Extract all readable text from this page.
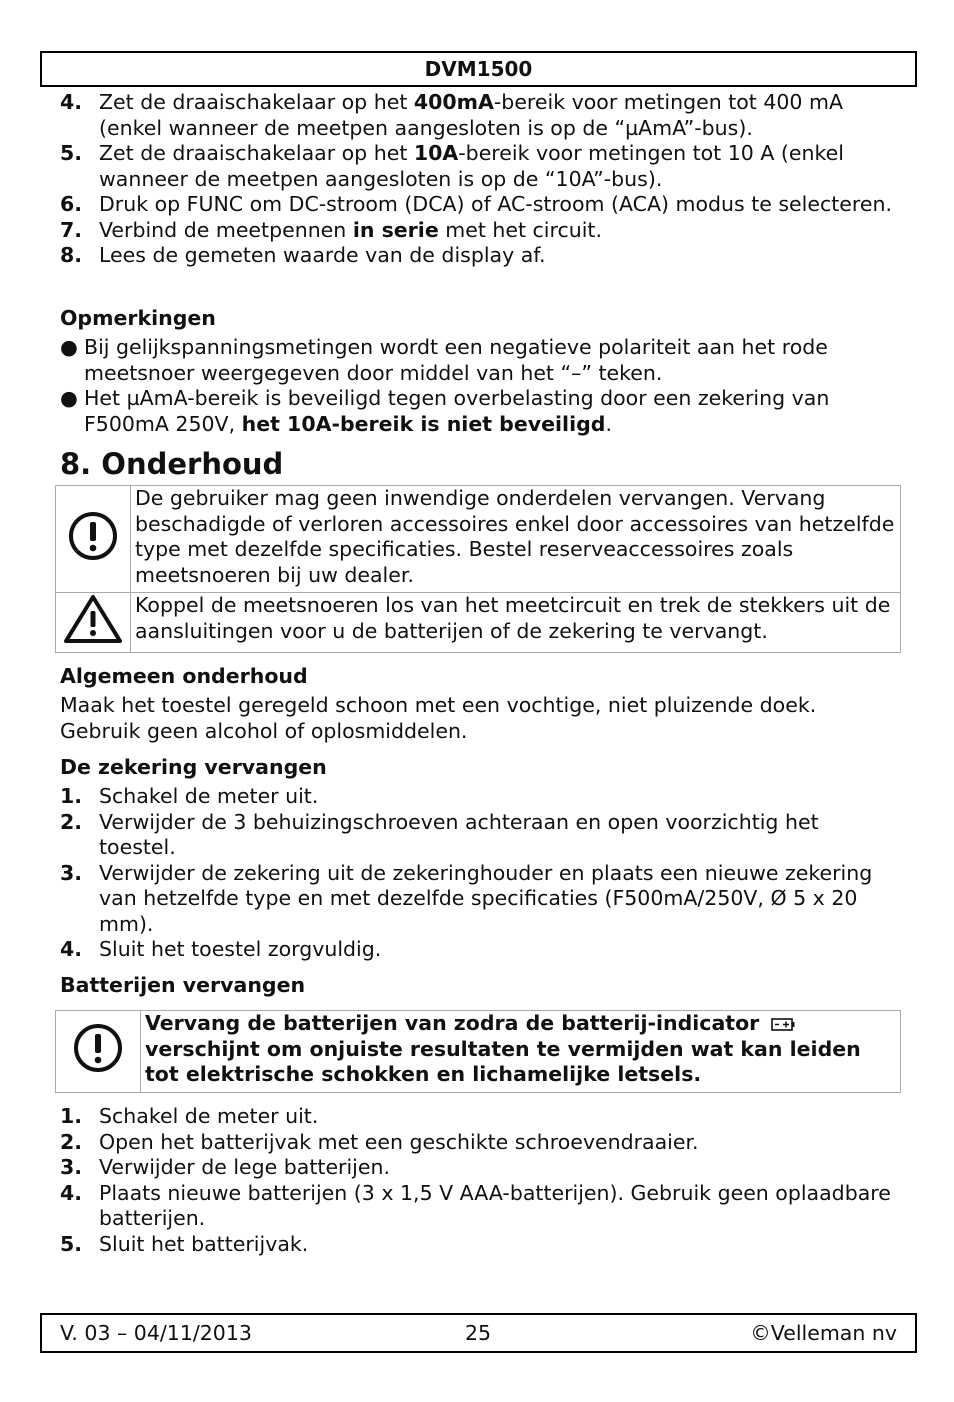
DVM1500
4. Zet de draaischakelaar op het 400mA-bereik voor metingen tot 400 mA (enkel wanneer de meetpen aangesloten is op de “µAmA”-bus).
5. Zet de draaischakelaar op het 10A-bereik voor metingen tot 10 A (enkel wanneer de meetpen aangesloten is op de “10A”-bus).
6. Druk op FUNC om DC-stroom (DCA) of AC-stroom (ACA) modus te selecteren.
7. Verbind de meetpennen in serie met het circuit.
8. Lees de gemeten waarde van de display af.
Opmerkingen
● Bij gelijkspanningsmetingen wordt een negatieve polariteit aan het rode meetsnoer weergegeven door middel van het “–” teken.
● Het µAmA-bereik is beveiligd tegen overbelasting door een zekering van F500mA 250V, het 10A-bereik is niet beveiligd.
8. Onderhoud
	De gebruiker mag geen inwendige onderdelen vervangen. Vervang beschadigde of verloren accessoires enkel door accessoires van hetzelfde type met dezelfde specificaties. Bestel reserveaccessoires zoals meetsnoeren bij uw dealer.
	Koppel de meetsnoeren los van het meetcircuit en trek de stekkers uit de aansluitingen voor u de batterijen of de zekering te vervangt.
Algemeen onderhoud
Maak het toestel geregeld schoon met een vochtige, niet pluizende doek. Gebruik geen alcohol of oplosmiddelen.
De zekering vervangen
1. Schakel de meter uit.
2. Verwijder de 3 behuizingschroeven achteraan en open voorzichtig het toestel.
3. Verwijder de zekering uit de zekeringhouder en plaats een nieuwe zekering van hetzelfde type en met dezelfde specificaties (F500mA/250V, Ø 5 x 20 mm).
4. Sluit het toestel zorgvuldig.
Batterijen vervangen
	Vervang de batterijen van zodra de batterij-indicator  verschijnt om onjuiste resultaten te vermijden wat kan leiden tot elektrische schokken en lichamelijke letsels.
1. Schakel de meter uit.
2. Open het batterijvak met een geschikte schroevendraaier.
3. Verwijder de lege batterijen.
4. Plaats nieuwe batterijen (3 x 1,5 V AAA-batterijen). Gebruik geen oplaadbare batterijen.
5. Sluit het batterijvak.
V. 03 – 04/11/2013	25	©Velleman nv
